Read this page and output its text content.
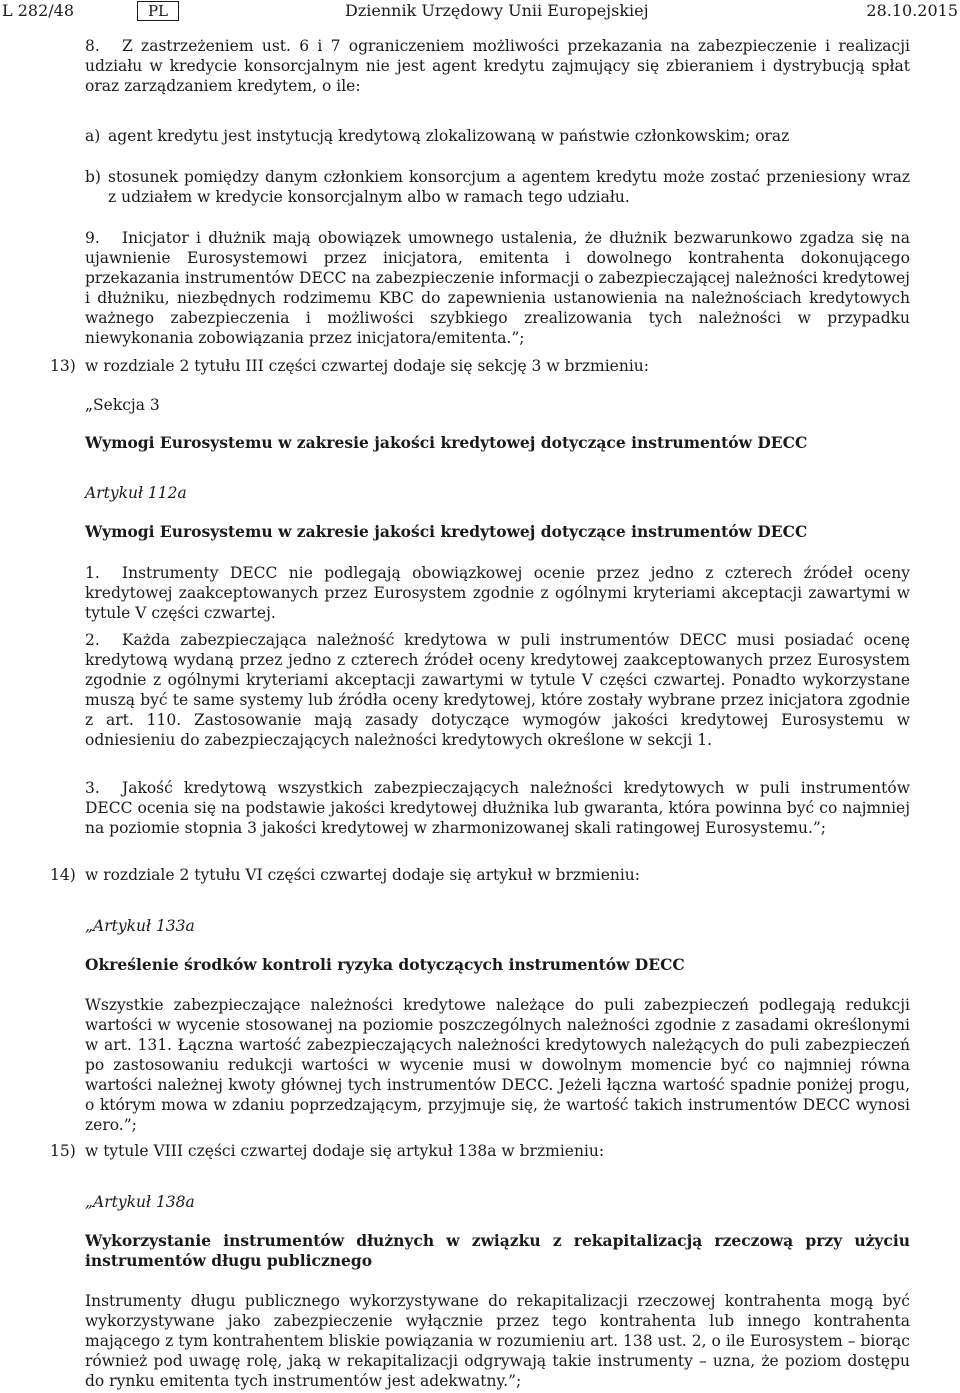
L 282/48	PL	Dziennik Urzędowy Unii Europejskiej	28.10.2015
8.	Z zastrzeżeniem ust. 6 i 7 ograniczeniem możliwości przekazania na zabezpieczenie i realizacji udziału w kredycie konsorcjalnym nie jest agent kredytu zajmujący się zbieraniem i dystrybucją spłat oraz zarządzaniem kredytem, o ile:
a) agent kredytu jest instytucją kredytową zlokalizowaną w państwie członkowskim; oraz
b) stosunek pomiędzy danym członkiem konsorcjum a agentem kredytu może zostać przeniesiony wraz z udziałem w kredycie konsorcjalnym albo w ramach tego udziału.
9.	Inicjator i dłużnik mają obowiązek umownego ustalenia, że dłużnik bezwarunkowo zgadza się na ujawnienie Eurosystemowi przez inicjatora, emitenta i dowolnego kontrahenta dokonującego przekazania instrumentów DECC na zabezpieczenie informacji o zabezpieczającej należności kredytowej i dłużniku, niezbędnych rodzimemu KBC do zapewnienia ustanowienia na należnościach kredytowych ważnego zabezpieczenia i możliwości szybkiego zrealizowania tych należności w przypadku niewykonania zobowiązania przez inicjatora/emitenta.”;
13) w rozdziale 2 tytułu III części czwartej dodaje się sekcję 3 w brzmieniu:
„Sekcja 3
Wymogi Eurosystemu w zakresie jakości kredytowej dotyczące instrumentów DECC
Artykuł 112a
Wymogi Eurosystemu w zakresie jakości kredytowej dotyczące instrumentów DECC
1.	Instrumenty DECC nie podlegają obowiązkowej ocenie przez jedno z czterech źródeł oceny kredytowej zaakceptowanych przez Eurosystem zgodnie z ogólnymi kryteriami akceptacji zawartymi w tytule V części czwartej.
2.	Każda zabezpieczająca należność kredytowa w puli instrumentów DECC musi posiadać ocenę kredytową wydaną przez jedno z czterech źródeł oceny kredytowej zaakceptowanych przez Eurosystem zgodnie z ogólnymi kryteriami akceptacji zawartymi w tytule V części czwartej. Ponadto wykorzystane muszą być te same systemy lub źródła oceny kredytowej, które zostały wybrane przez inicjatora zgodnie z art. 110. Zastosowanie mają zasady dotyczące wymogów jakości kredytowej Eurosystemu w odniesieniu do zabezpieczających należności kredytowych określone w sekcji 1.
3.	Jakość kredytową wszystkich zabezpieczających należności kredytowych w puli instrumentów DECC ocenia się na podstawie jakości kredytowej dłużnika lub gwaranta, która powinna być co najmniej na poziomie stopnia 3 jakości kredytowej w zharmonizowanej skali ratingowej Eurosystemu.”;
14) w rozdziale 2 tytułu VI części czwartej dodaje się artykuł w brzmieniu:
„Artykuł 133a
Określenie środków kontroli ryzyka dotyczących instrumentów DECC
Wszystkie zabezpieczające należności kredytowe należące do puli zabezpieczeń podlegają redukcji wartości w wycenie stosowanej na poziomie poszczególnych należności zgodnie z zasadami określonymi w art. 131. Łączna wartość zabezpieczających należności kredytowych należących do puli zabezpieczeń po zastosowaniu redukcji wartości w wycenie musi w dowolnym momencie być co najmniej równa wartości należnej kwoty głównej tych instrumentów DECC. Jeżeli łączna wartość spadnie poniżej progu, o którym mowa w zdaniu poprzedzającym, przyjmuje się, że wartość takich instrumentów DECC wynosi zero.”;
15) w tytule VIII części czwartej dodaje się artykuł 138a w brzmieniu:
„Artykuł 138a
Wykorzystanie instrumentów dłużnych w związku z rekapitalizacją rzeczową przy użyciu instrumentów długu publicznego
Instrumenty długu publicznego wykorzystywane do rekapitalizacji rzeczowej kontrahenta mogą być wykorzystywane jako zabezpieczenie wyłącznie przez tego kontrahenta lub innego kontrahenta mającego z tym kontrahentem bliskie powiązania w rozumieniu art. 138 ust. 2, o ile Eurosystem – biorąc również pod uwagę rolę, jaką w rekapitalizacji odgrywają takie instrumenty – uzna, że poziom dostępu do rynku emitenta tych instrumentów jest adekwatny.”;
